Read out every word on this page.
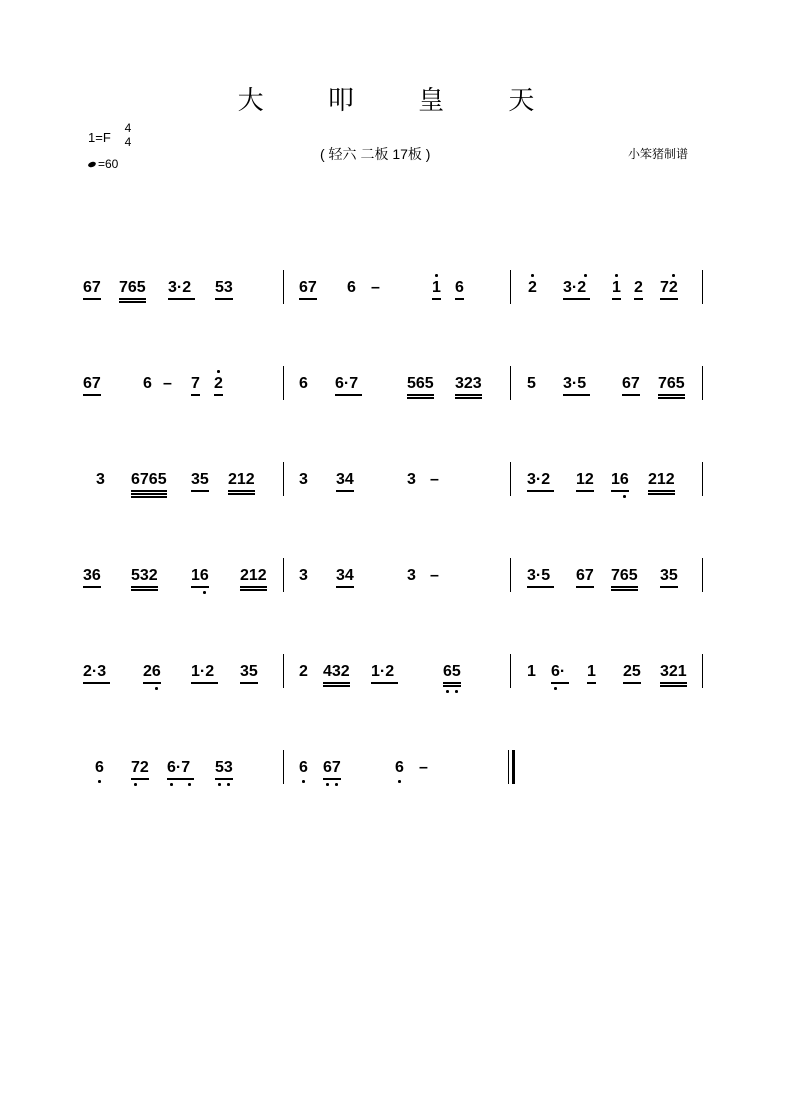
大 叩 皇 天
1=F
4
4
=60
( 轻六 二板 17板 )	小笨猪制谱
67 765 3·2 53	67 6 –	1 6	2 3·2 1 2 72
67	6 – 7 2	6 6·7	565 323	5 3·5 67 765
3 6765 35 212	3 34	3 –	3·2 12 16 212
36 532 16 212 3 34	3 –	3·5 67 765 35
2·3 26 1·2 35	2 432 1·2	65	1 6· 1 25 321
6 72 6·7 53	6 67	6 –
